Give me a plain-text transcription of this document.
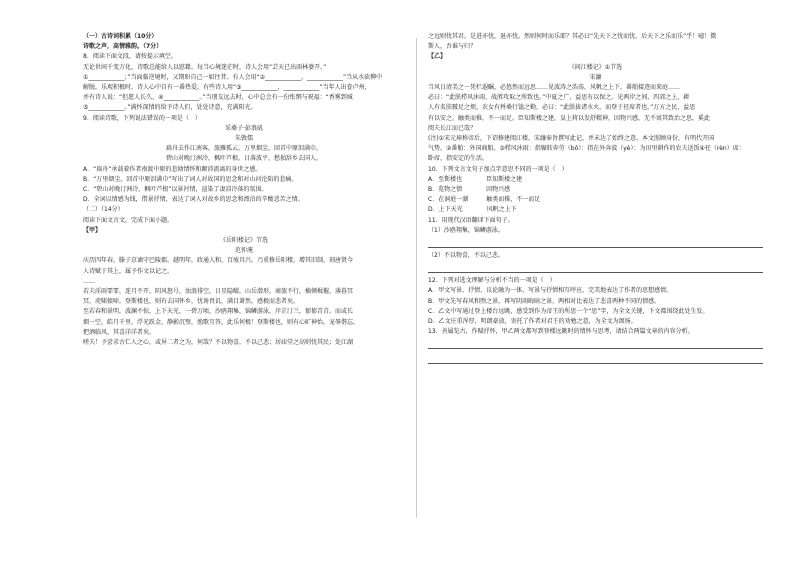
（一）古诗词积累（10分）
诗歌之声，高情雅韵。（7分）
8．阅读下面文段，请按提示填空。
无论世间千变万化，诗歌总能给人以慰藉。每当心境迷茫时，诗人会用“芸天已出雨林婆开，”
①____________；”当面临逆境时，又期盼自己一如往昔。有人会用“②____________，____________”当从水砍柳中
解脱，乐观积极时，诗人心中自有一番热爱。有些诗人用“③____________，____________”当年人出眷卢州，
并有诗人说：“但愿人长久，④____________。”当朋友远去时，心中总会有一份怅惘与祝福：“香雾到城
⑤____________。”满怀深情的给予诗人们，处处诗意，充满阳光。
9．阅读诗歌，下列说法错误的一项是（　）
采桑子·彭浪矶
朱敦儒
扁舟去作江南客，旅雁孤云。万里烟尘，回首中原泪满巾。
碧山对晚汀洲冷，枫叶芦根。日落波平，愁损辞乡去国人。
A．“扁舟”承载着作者南渡中原的悲恸情怀和颠沛流离的身世之感。
B．“万里烟尘，回首中原泪满巾”写出了词人对故国的思念和对山河沦陷的悲痛。
C．“碧山对晚汀洲冷，枫叶芦根”以景衬情，渲染了凄凉冷落的氛围。
D．全词以情感为线，借景抒情，表达了词人对故乡的思念和漂泊的辛酸悲苦之情。
（二）（14分）
阅读下面文言文，完成下面小题。
【甲】
《岳阳楼记》节选
范仲淹
庆历四年春，滕子京谪守巴陵郡。越明年，政通人和，百废具兴。乃重修岳阳楼，增其旧制，刻唐贤今
人诗赋于其上，属予作文以记之。
……
若夫淫雨霏霏，连月不开，阴风怒号，浊浪排空，日星隐曜，山岳潜形，商旅不行，樯倾楫摧，薄暮冥
冥，虎啸猿啼。登斯楼也，则有去国怀乡，忧谗畏讥，满目萧然，感极而悲者矣。
至若春和景明，波澜不惊，上下天光，一碧万顷，沙鸥翔集，锦鳞游泳，岸芷汀兰，郁郁青青。而或长
烟一空，皓月千里，浮光跃金，静影沉璧，渔歌互答，此乐何极！登斯楼也，则有心旷神怡，宠辱偕忘，
把酒临风，其喜洋洋者矣。
嗟夫！予尝求古仁人之心，或异二者之为，何哉？不以物喜，不以己悲；居庙堂之高则忧其民；处江湖
之远则忧其君。是进亦忧，退亦忧。然则何时而乐耶？其必曰“先天下之忧而忧，后天下之乐而乐”乎！噫！微
斯人，吾谁与归？
【乙】
《间江楼记》①节选
宋濂
当风日清美之一凭栏遐瞩，必悠然而远思……见波涛之浩荡，风帆之上下，番舶接迹而来庭……
必曰：“此朕栉风沐雨、战胜攻取之所致也。”中夏之广，益思有以保之。见两岸之间，四郊之上，耕
人有炙肤皲足之烦，农女有捋桑行馌之勤，必曰：“此朕拔诸水火，而登于衽席者也。”万方之民，益思
有以安之。触类而推，不一而足。臣知斯楼之建，皇上将以发舒精神，因物兴感，无不寓其致治之思，奚此
阅夫长江而已哉？
(注)①宋元璋称帝后，下诏修建阅江楼，宋濂奉旨撰写此记，并未达了始终之意。本文照顾身份，有明代开国
气势。②番舶：外国商船。③栉风沐雨：指辗转奔劳（bǒ）：指在外奔波（yè）：为田里耕作的农夫送饭④衽（rèn）席：
卧席，指安定的生活。
10．下列文言文句子加点字意思不同的一项是（　）
A．至斯楼也　　　　臣知斯楼之建
B．览物之情　　　　因物兴感
C．在洞庭一湖　　　触类而推，不一而足
D．上下天光　　　　风帆之上下
11．用现代汉语翻译下面句子。
（1）沙鸥翔集，锦鳞游泳。
（2）不以物喜，不以己悲。
12．下列对选文理解与分析不当的一项是（　）
A．甲文写景、抒情、议论融为一体，写景与抒情相互呼应，完美地表达了作者的思想感情。
B．甲文先写春风和煦之景，再写阴雨晦暗之景，两相对比表达了悲喜两种不同的情感。
C．乙文中写通过登上楼台远眺，感受到作为帝王的所思一个“思”字，为全文关键，下文都围绕此处生发。
D．乙文庄重浑厚，明朗豪放，寄托了作者对君王的劝勉之意，为全文为颂扬。
13．善属览古，作赋抒怀，甲乙两文都写到登楼远眺时的情怀与思考，请结合两篇文章的内容分析。
